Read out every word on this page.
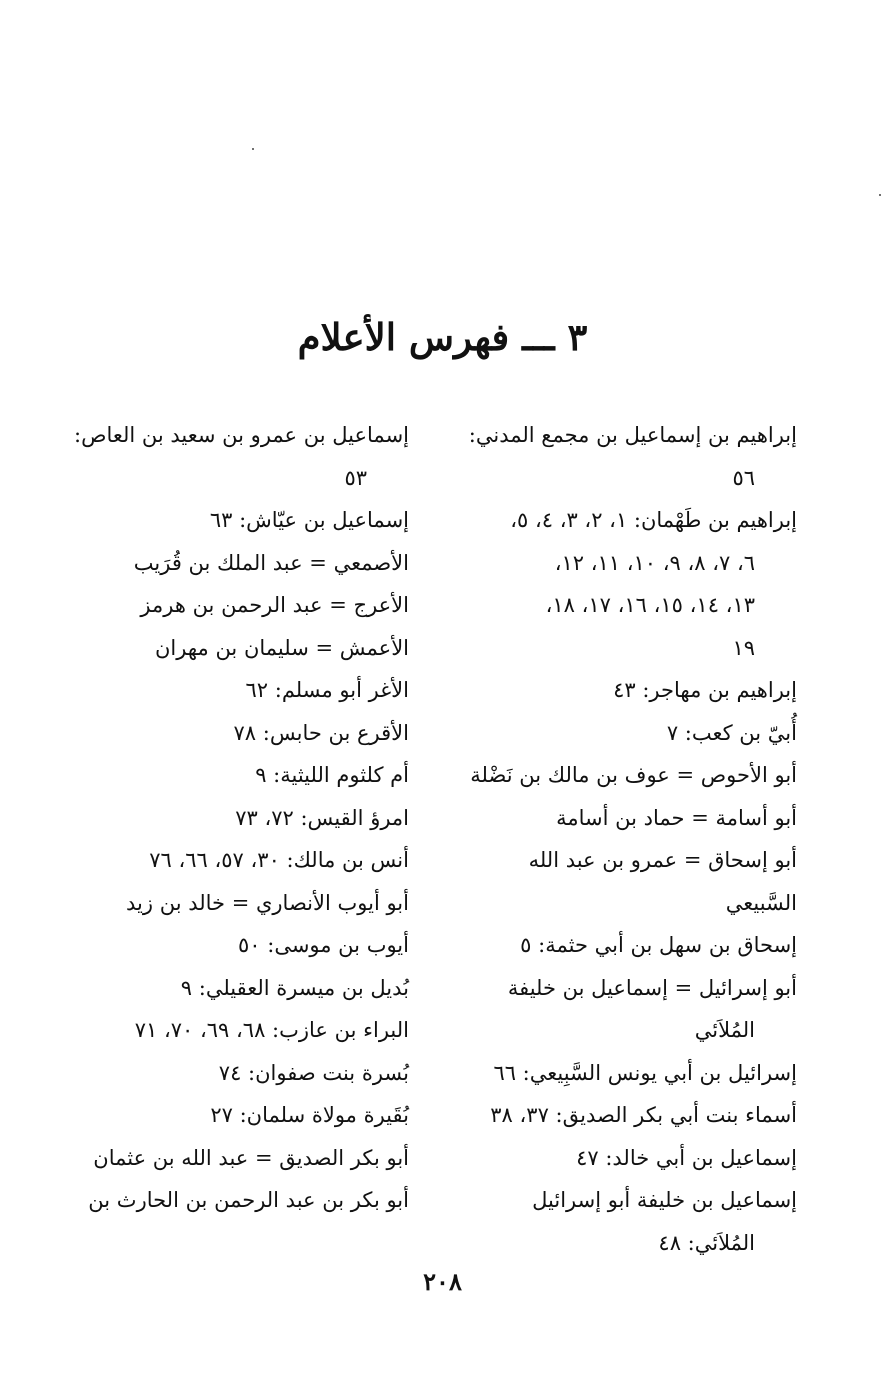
٣ ـــ فهرس الأعلام
إبراهيم بن إسماعيل بن مجمع المدني:
٥٦
إبراهيم بن طَهْمان: ١، ٢، ٣، ٤، ٥،
٦، ٧، ٨، ٩، ١٠، ١١، ١٢،
١٣، ١٤، ١٥، ١٦، ١٧، ١٨،
١٩
إبراهيم بن مهاجر: ٤٣
أُبيّ بن كعب: ٧
أبو الأحوص = عوف بن مالك بن نَضْلة
أبو أسامة = حماد بن أسامة
أبو إسحاق = عمرو بن عبد الله السَّبيعي
إسحاق بن سهل بن أبي حثمة: ٥
أبو إسرائيل = إسماعيل بن خليفة
المُلاَئي
إسرائيل بن أبي يونس السَّبِيعي: ٦٦
أسماء بنت أبي بكر الصديق: ٣٧، ٣٨
إسماعيل بن أبي خالد: ٤٧
إسماعيل بن خليفة أبو إسرائيل
المُلاَئي: ٤٨
إسماعيل بن عمرو بن سعيد بن العاص:
٥٣
إسماعيل بن عيّاش: ٦٣
الأصمعي = عبد الملك بن قُرَيب
الأعرج = عبد الرحمن بن هرمز
الأعمش = سليمان بن مهران
الأغر أبو مسلم: ٦٢
الأقرع بن حابس: ٧٨
أم كلثوم الليثية: ٩
امرؤ القيس: ٧٢، ٧٣
أنس بن مالك: ٣٠، ٥٧، ٦٦، ٧٦
أبو أيوب الأنصاري = خالد بن زيد
أيوب بن موسى: ٥٠
بُديل بن ميسرة العقيلي: ٩
البراء بن عازب: ٦٨، ٦٩، ٧٠، ٧١
بُسرة بنت صفوان: ٧٤
بُقَيرة مولاة سلمان: ٢٧
أبو بكر الصديق = عبد الله بن عثمان
أبو بكر بن عبد الرحمن بن الحارث بن
٢٠٨
